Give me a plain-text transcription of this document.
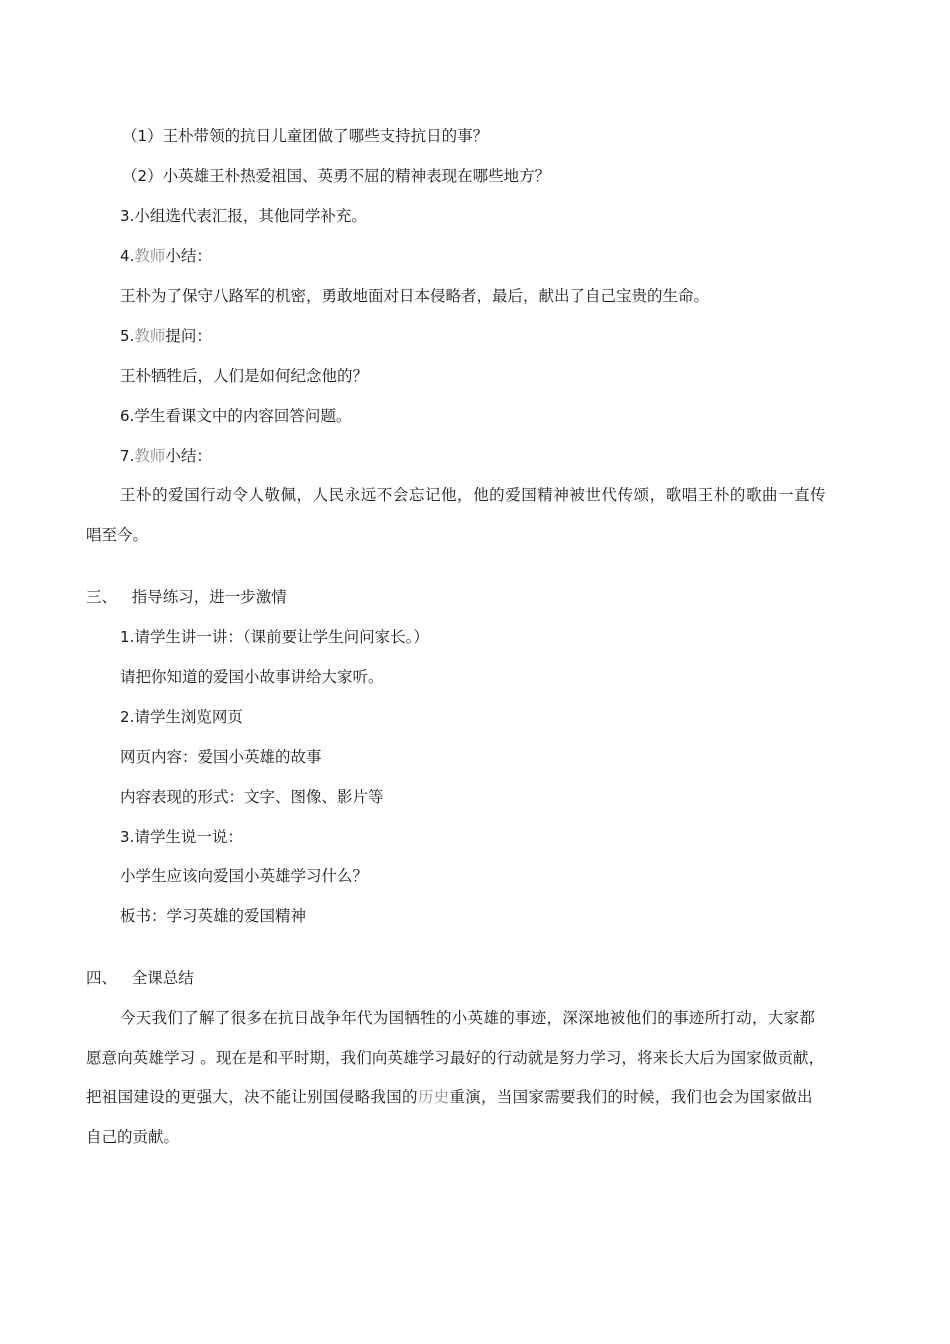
（1）王朴带领的抗日儿童团做了哪些支持抗日的事？
（2）小英雄王朴热爱祖国、英勇不屈的精神表现在哪些地方？
3.小组选代表汇报，其他同学补充。
4.教师小结：
王朴为了保守八路军的机密，勇敢地面对日本侵略者，最后，献出了自己宝贵的生命。
5.教师提问：
王朴牺牲后，人们是如何纪念他的？
6.学生看课文中的内容回答问题。
7.教师小结：
王朴的爱国行动令人敬佩，人民永远不会忘记他，他的爱国精神被世代传颂，歌唱王朴的歌曲一直传
唱至今。
三、   指导练习，进一步激情
1.请学生讲一讲：（课前要让学生问问家长。）
请把你知道的爱国小故事讲给大家听。
2.请学生浏览网页
网页内容：爱国小英雄的故事
内容表现的形式：文字、图像、影片等
3.请学生说一说：
小学生应该向爱国小英雄学习什么？
板书：学习英雄的爱国精神
四、   全课总结
今天我们了解了很多在抗日战争年代为国牺牲的小英雄的事迹，深深地被他们的事迹所打动，大家都
愿意向英雄学习 。现在是和平时期，我们向英雄学习最好的行动就是努力学习，将来长大后为国家做贡献，
把祖国建设的更强大，决不能让别国侵略我国的历史重演，当国家需要我们的时候，我们也会为国家做出
自己的贡献。
